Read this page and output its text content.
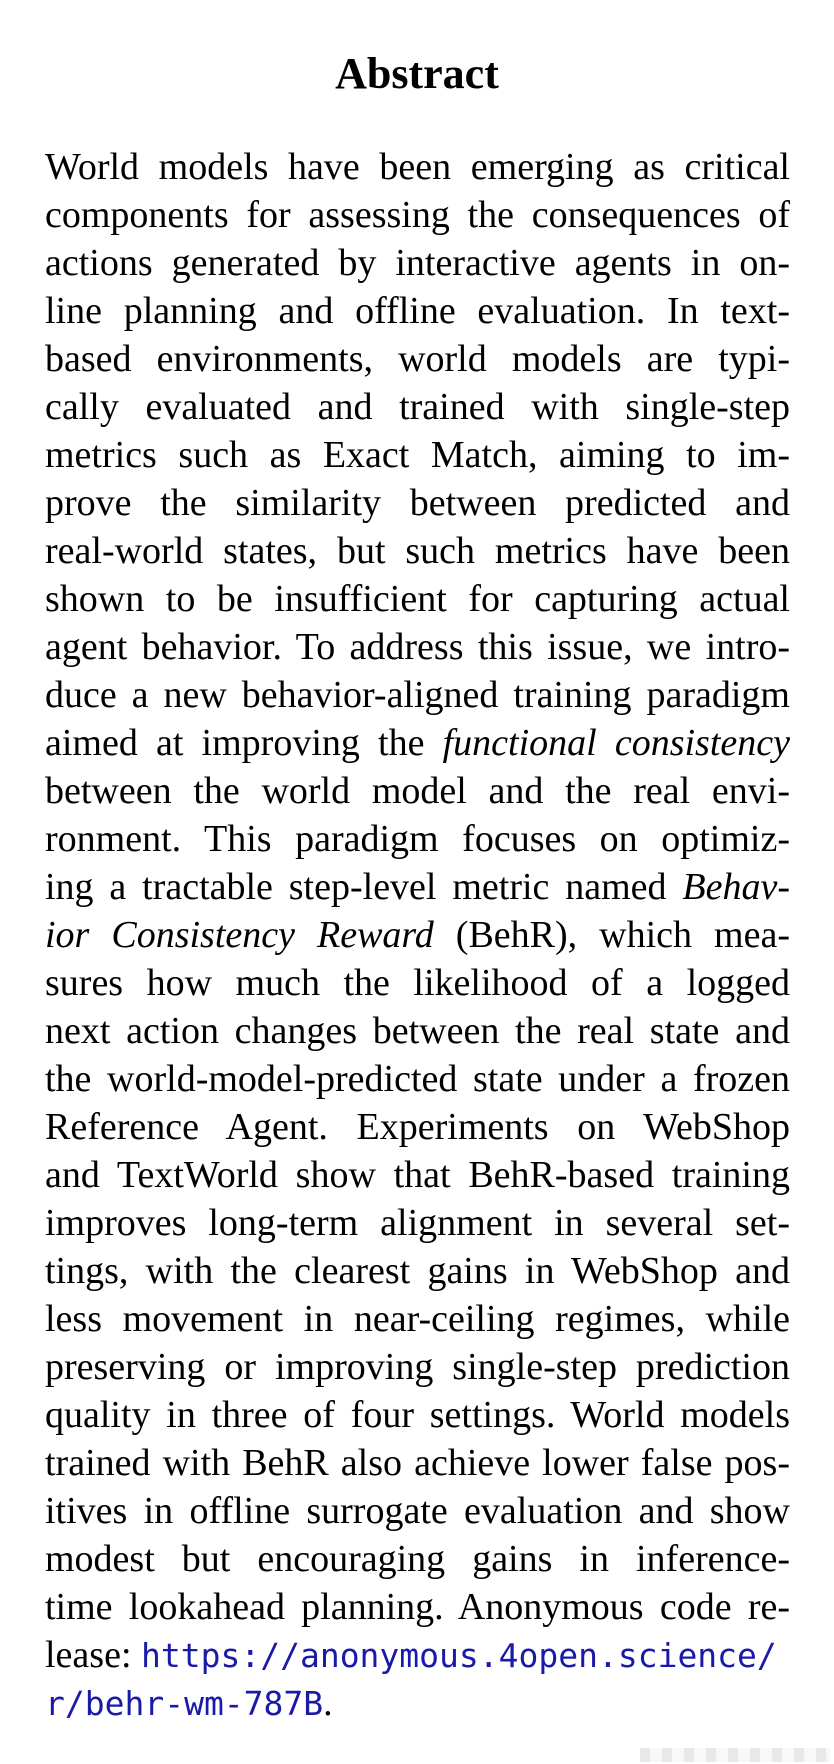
Abstract
World models have been emerging as critical
components for assessing the consequences of
actions generated by interactive agents in on-
line planning and offline evaluation. In text-
based environments, world models are typi-
cally evaluated and trained with single-step
metrics such as Exact Match, aiming to im-
prove the similarity between predicted and
real-world states, but such metrics have been
shown to be insufficient for capturing actual
agent behavior. To address this issue, we intro-
duce a new behavior-aligned training paradigm
aimed at improving the functional consistency
between the world model and the real envi-
ronment. This paradigm focuses on optimiz-
ing a tractable step-level metric named Behav-
ior Consistency Reward (BehR), which mea-
sures how much the likelihood of a logged
next action changes between the real state and
the world-model-predicted state under a frozen
Reference Agent. Experiments on WebShop
and TextWorld show that BehR-based training
improves long-term alignment in several set-
tings, with the clearest gains in WebShop and
less movement in near-ceiling regimes, while
preserving or improving single-step prediction
quality in three of four settings. World models
trained with BehR also achieve lower false pos-
itives in offline surrogate evaluation and show
modest but encouraging gains in inference-
time lookahead planning. Anonymous code re-
lease: https://anonymous.4open.science/
r/behr-wm-787B.
